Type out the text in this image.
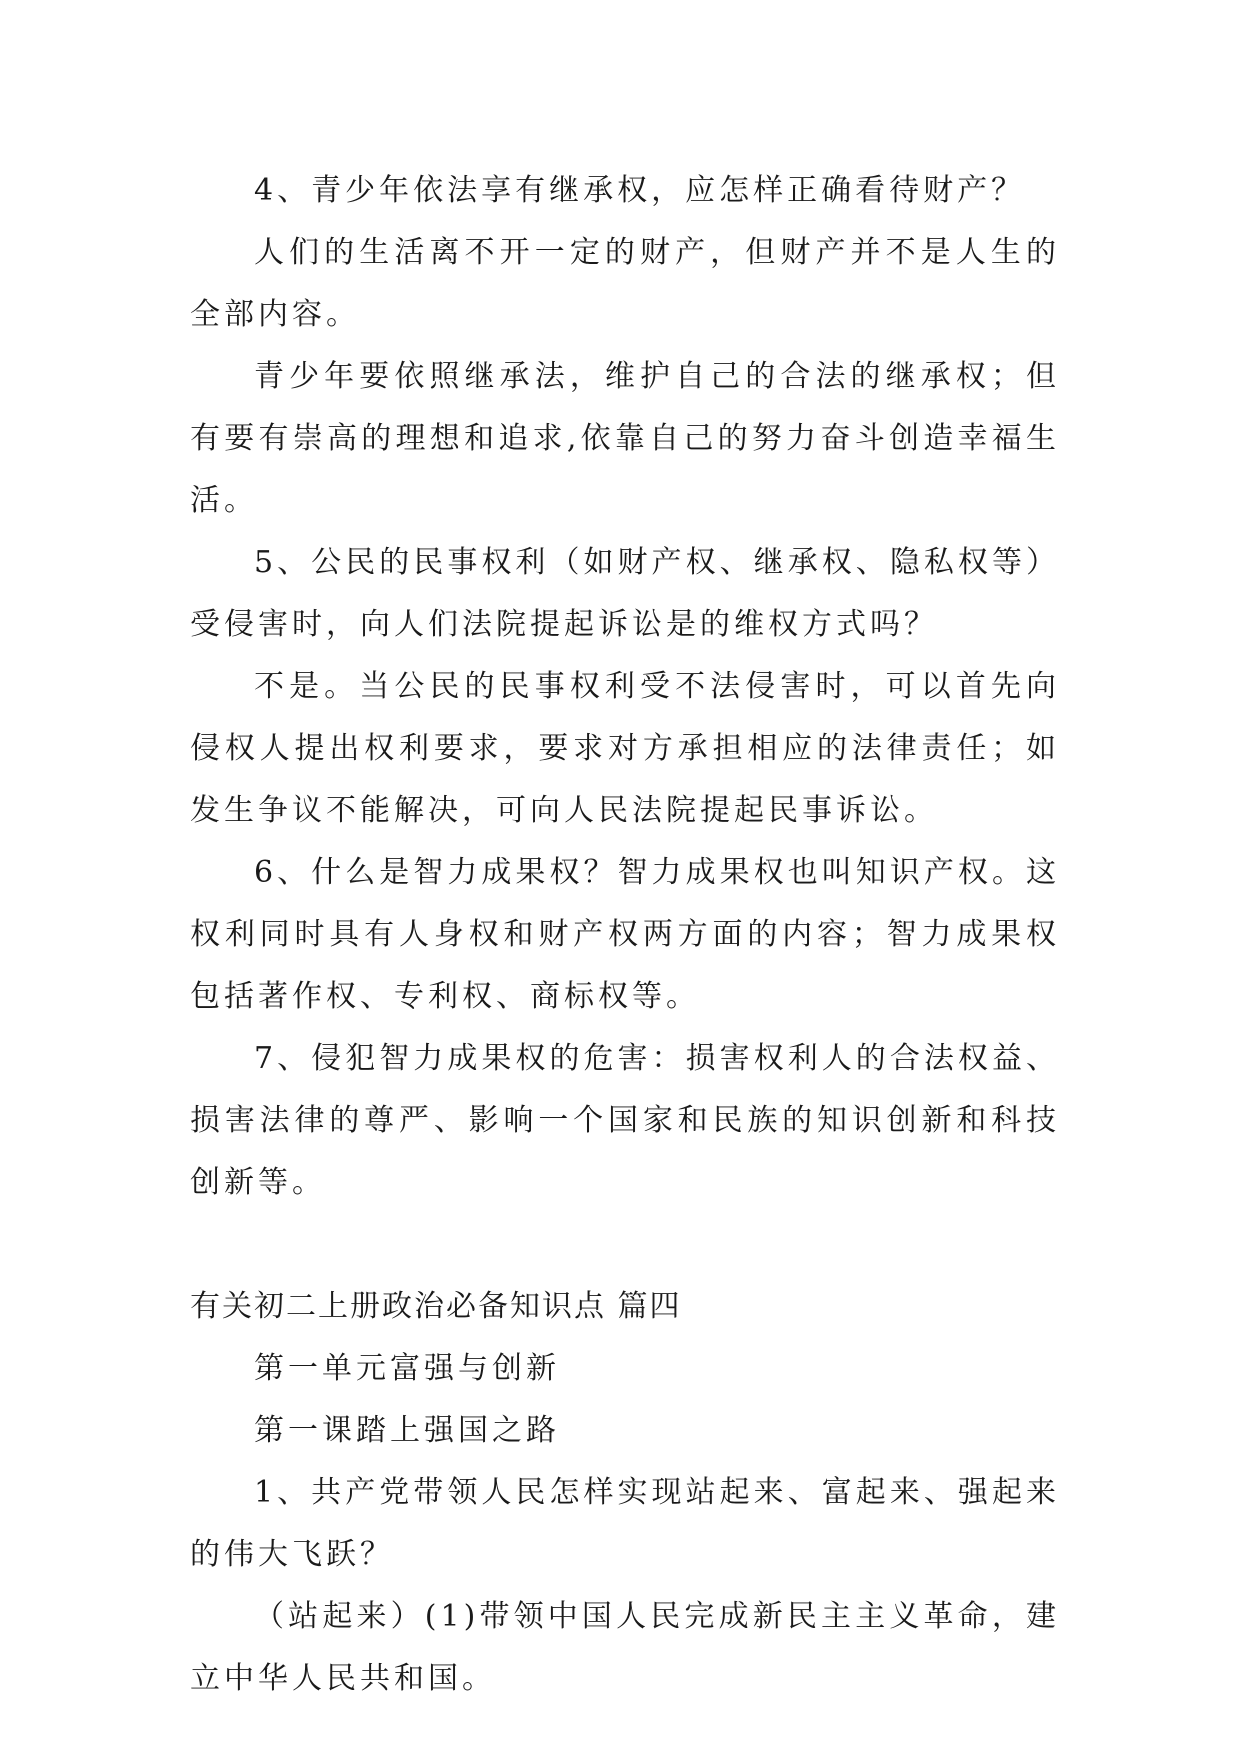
4、青少年依法享有继承权，应怎样正确看待财产？

人们的生活离不开一定的财产，但财产并不是人生的全部内容。

青少年要依照继承法，维护自己的合法的继承权；但有要有崇高的理想和追求,依靠自己的努力奋斗创造幸福生活。

5、公民的民事权利（如财产权、继承权、隐私权等）受侵害时，向人们法院提起诉讼是的维权方式吗？

不是。当公民的民事权利受不法侵害时，可以首先向侵权人提出权利要求，要求对方承担相应的法律责任；如发生争议不能解决，可向人民法院提起民事诉讼。

6、什么是智力成果权？智力成果权也叫知识产权。这权利同时具有人身权和财产权两方面的内容；智力成果权包括著作权、专利权、商标权等。

7、侵犯智力成果权的危害：损害权利人的合法权益、损害法律的尊严、影响一个国家和民族的知识创新和科技创新等。

有关初二上册政治必备知识点 篇四

第一单元富强与创新

第一课踏上强国之路

1、共产党带领人民怎样实现站起来、富起来、强起来的伟大飞跃？

（站起来）(1)带领中国人民完成新民主主义革命，建立中华人民共和国。
